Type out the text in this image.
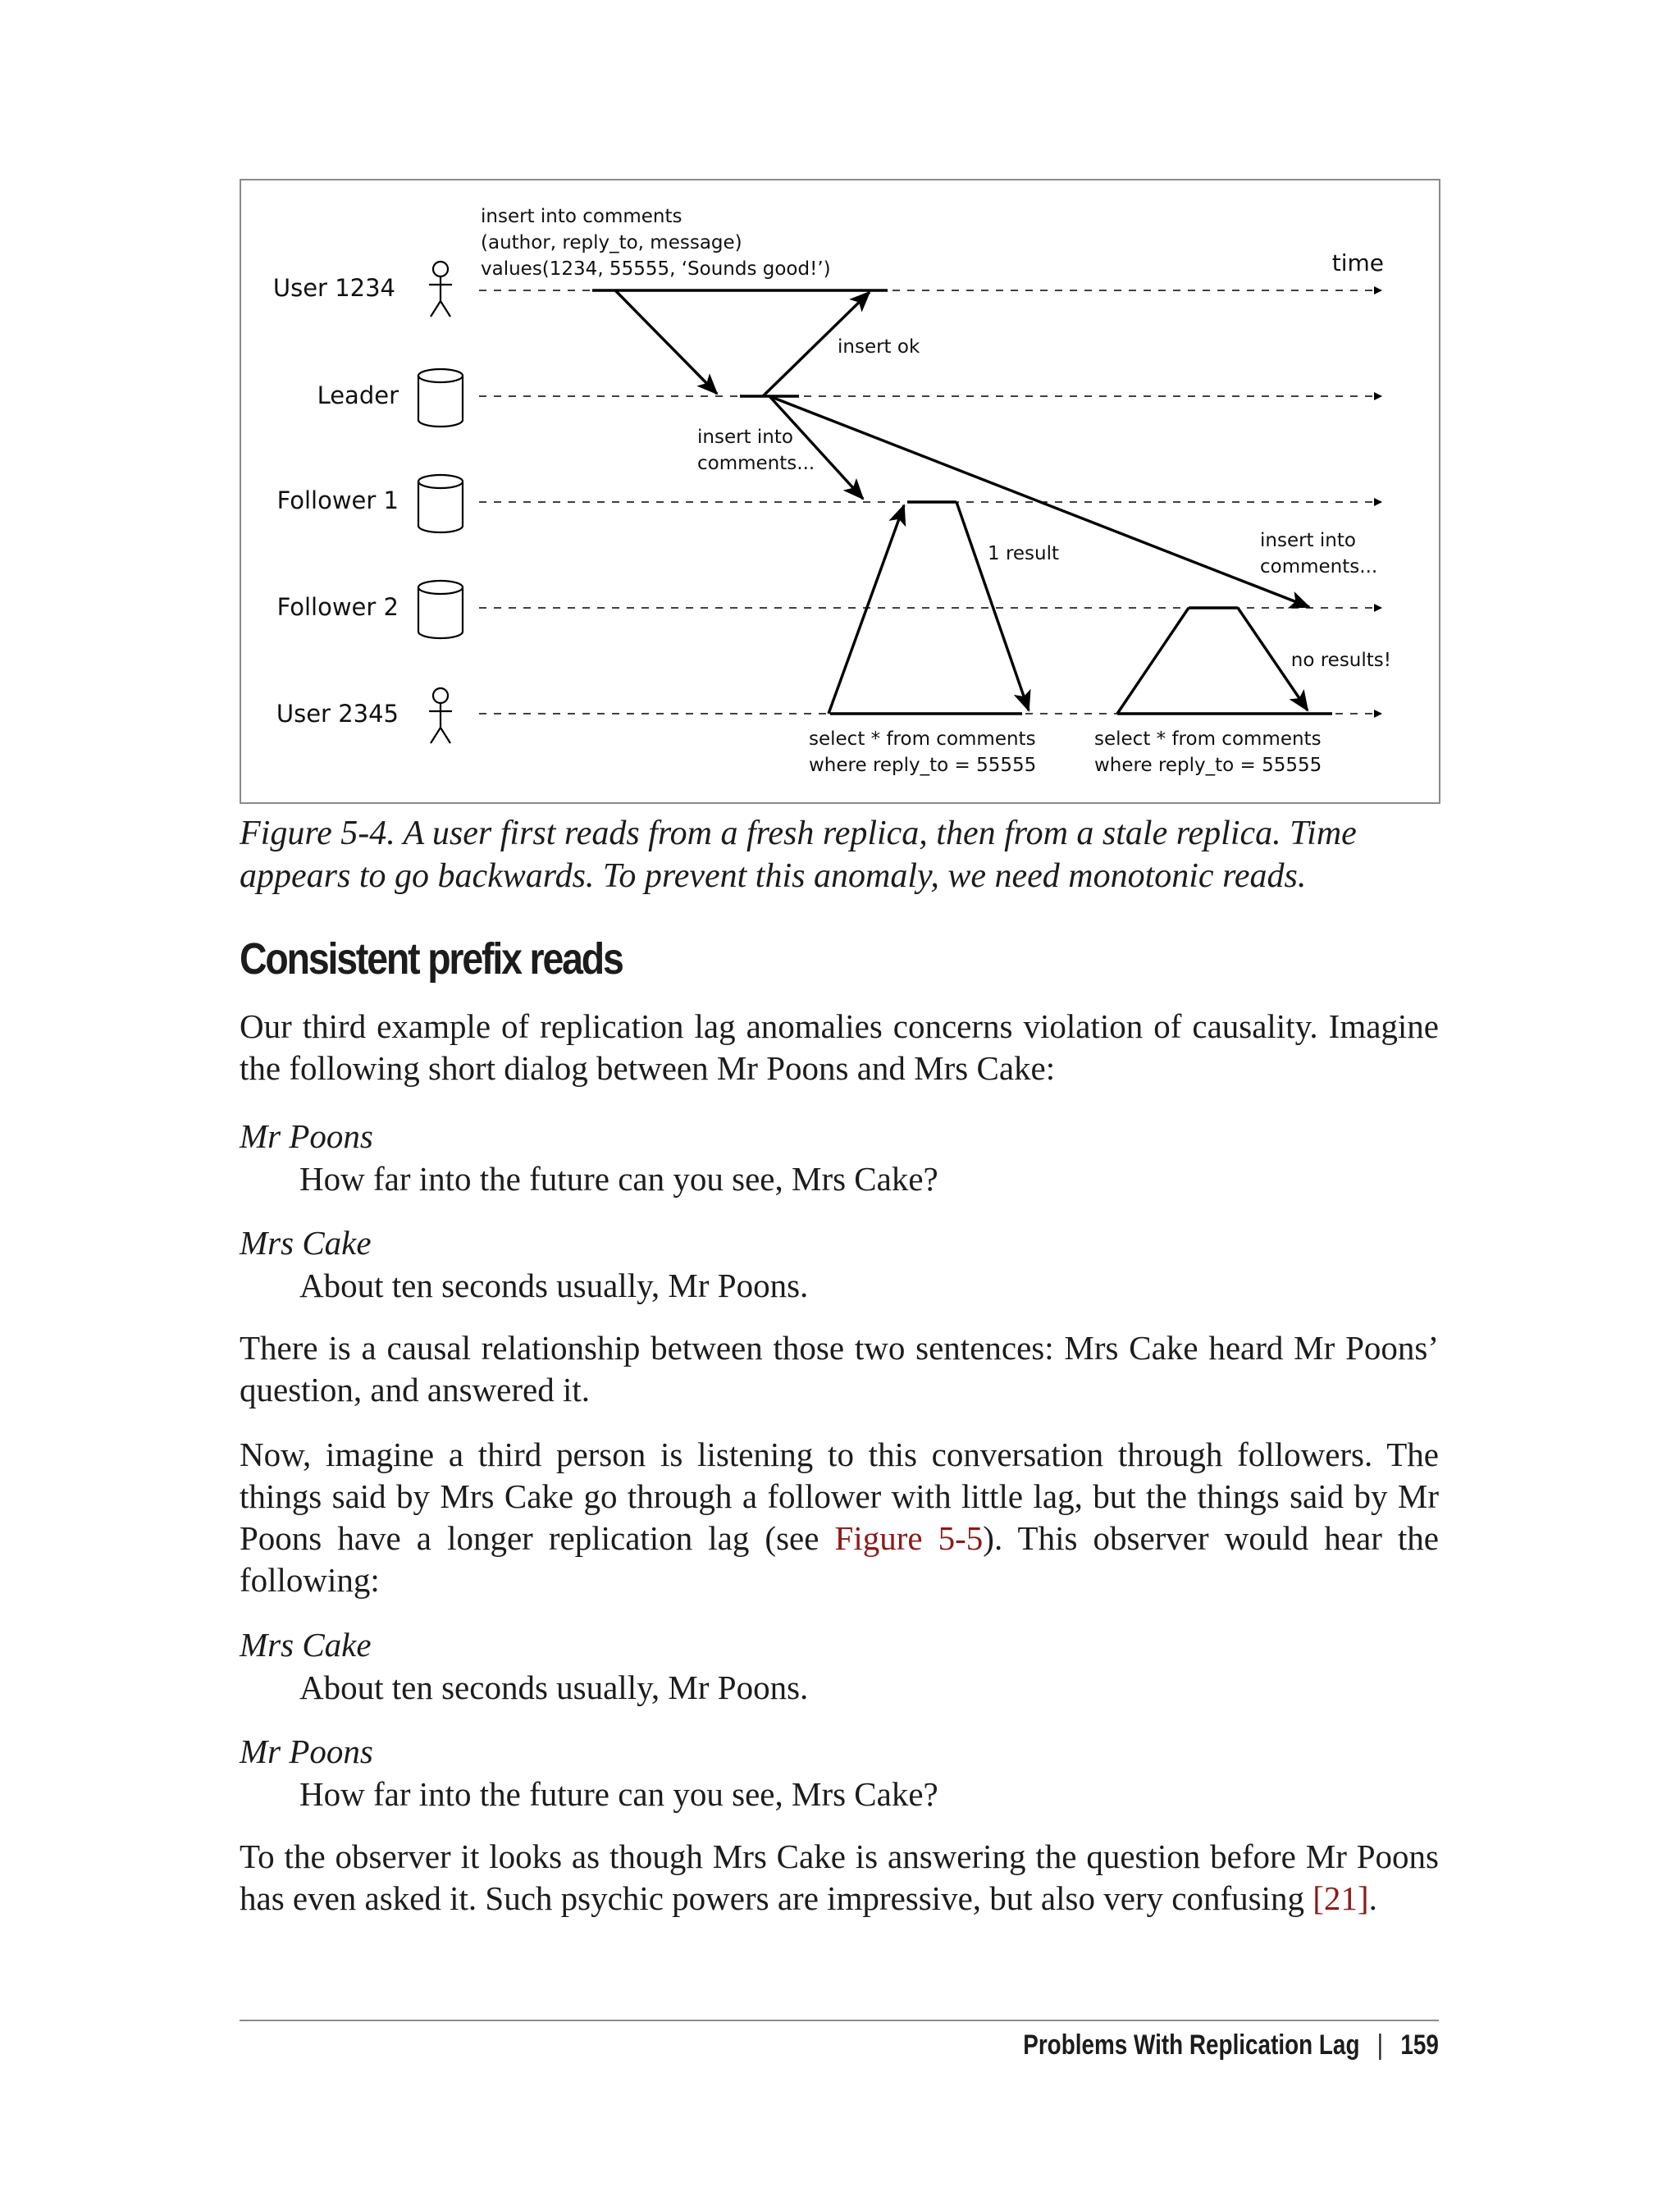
User 1234
Leader
Follower 1
Follower 2
User 2345
insert into comments
(author, reply_to, message)
values(1234, 55555, ‘Sounds good!’)	time
insert ok
insert into
comments...
1 result
insert into
comments...
no results!
select * from comments
where reply_to = 55555
select * from comments
where reply_to = 55555

Figure 5-4. A user first reads from a fresh replica, then from a stale replica. Time appears to go backwards. To prevent this anomaly, we need monotonic reads.

Consistent prefix reads

Our third example of replication lag anomalies concerns violation of causality. Imagine the following short dialog between Mr Poons and Mrs Cake:

Mr Poons

How far into the future can you see, Mrs Cake?

Mrs Cake

About ten seconds usually, Mr Poons.

There is a causal relationship between those two sentences: Mrs Cake heard Mr Poons’ question, and answered it.

Now, imagine a third person is listening to this conversation through followers. The things said by Mrs Cake go through a follower with little lag, but the things said by Mr Poons have a longer replication lag (see Figure 5-5). This observer would hear the following:

Mrs Cake

About ten seconds usually, Mr Poons.

Mr Poons

How far into the future can you see, Mrs Cake?

To the observer it looks as though Mrs Cake is answering the question before Mr Poons has even asked it. Such psychic powers are impressive, but also very confusing [21].

Problems With Replication Lag | 159
